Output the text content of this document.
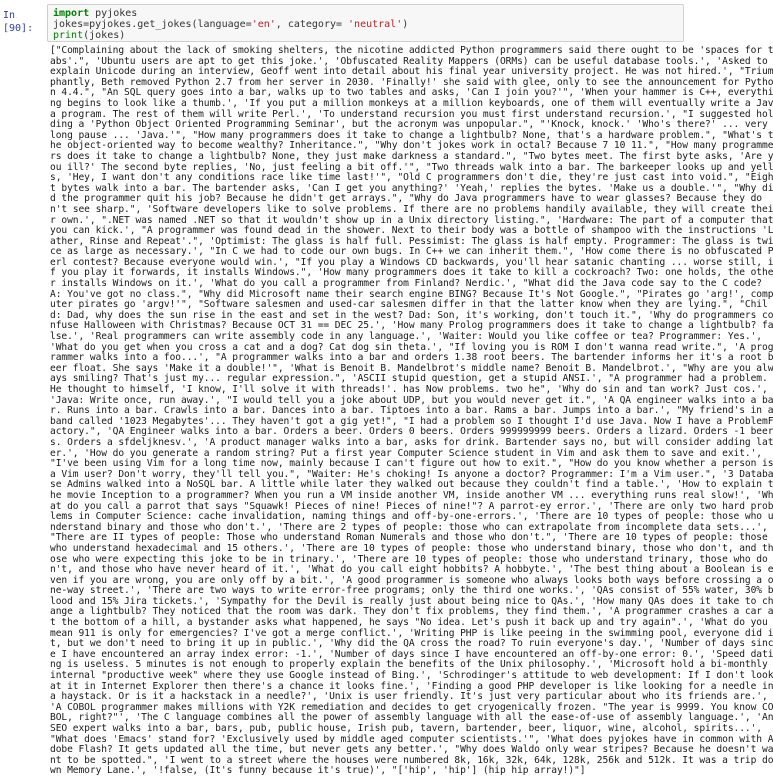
In [90]:
import pyjokes
jokes=pyjokes.get_jokes(language='en', category= 'neutral')
print(jokes)
["Complaining about the lack of smoking shelters, the nicotine addicted Python programmers said there ought to be 'spaces for t
abs'.", 'Ubuntu users are apt to get this joke.', 'Obfuscated Reality Mappers (ORMs) can be useful database tools.', 'Asked to
explain Unicode during an interview, Geoff went into detail about his final year university project. He was not hired.', "Trium
phantly, Beth removed Python 2.7 from her server in 2030. 'Finally!' she said with glee, only to see the announcement for Pytho
n 4.4.", "An SQL query goes into a bar, walks up to two tables and asks, 'Can I join you?'", 'When your hammer is C++, everythi
ng begins to look like a thumb.', 'If you put a million monkeys at a million keyboards, one of them will eventually write a Jav
a program. The rest of them will write Perl.', 'To understand recursion you must first understand recursion.', "I suggested hol
ding a 'Python Object Oriented Programming Seminar', but the acronym was unpopular.", "'Knock, knock.' 'Who's there?' ... very
long pause ... 'Java.'", "How many programmers does it take to change a lightbulb? None, that's a hardware problem.", "What's t
he object-oriented way to become wealthy? Inheritance.", "Why don't jokes work in octal? Because 7 10 11.", "How many programme
rs does it take to change a lightbulb? None, they just make darkness a standard.", "Two bytes meet. The first byte asks, 'Are y
ou ill?' The second byte replies, 'No, just feeling a bit off.'", "Two threads walk into a bar. The barkeeper looks up and yell
s, 'Hey, I want don't any conditions race like time last!'", "Old C programmers don't die, they're just cast into void.", "Eigh
t bytes walk into a bar. The bartender asks, 'Can I get you anything?' 'Yeah,' replies the bytes. 'Make us a double.'", "Why di
d the programmer quit his job? Because he didn't get arrays.", "Why do Java programmers have to wear glasses? Because they do
n't see sharp.", 'Software developers like to solve problems. If there are no problems handily available, they will create thei
r own.', ".NET was named .NET so that it wouldn't show up in a Unix directory listing.", 'Hardware: The part of a computer that
you can kick.', "A programmer was found dead in the shower. Next to their body was a bottle of shampoo with the instructions 'L
ather, Rinse and Repeat'.", 'Optimist: The glass is half full. Pessimist: The glass is half empty. Programmer: The glass is twi
ce as large as necessary.', "In C we had to code our own bugs. In C++ we can inherit them.", 'How come there is no obfuscated P
erl contest? Because everyone would win.', "If you play a Windows CD backwards, you'll hear satanic chanting ... worse still, i
f you play it forwards, it installs Windows.", 'How many programmers does it take to kill a cockroach? Two: one holds, the othe
r installs Windows on it.', 'What do you call a programmer from Finland? Nerdic.', "What did the Java code say to the C code?
A: You've got no class.", "Why did Microsoft name their search engine BING? Because It's Not Google.", "Pirates go 'arg!', comp
uter pirates go 'argv!'", "Software salesmen and used-car salesmen differ in that the latter know when they are lying.", "Chil
d: Dad, why does the sun rise in the east and set in the west? Dad: Son, it's working, don't touch it.", 'Why do programmers co
nfuse Halloween with Christmas? Because OCT 31 == DEC 25.', 'How many Prolog programmers does it take to change a lightbulb? fa
lse.', 'Real programmers can write assembly code in any language.', 'Waiter: Would you like coffee or tea? Programmer: Yes.',
'What do you get when you cross a cat and a dog? Cat dog sin theta.', "If loving you is ROM I don't wanna read write.", 'A prog
rammer walks into a foo...', "A programmer walks into a bar and orders 1.38 root beers. The bartender informs her it's a root b
eer float. She says 'Make it a double!'", 'What is Benoit B. Mandelbrot's middle name? Benoit B. Mandelbrot.', "Why are you alw
ays smiling? That's just my... regular expression.", 'ASCII stupid question, get a stupid ANSI.', "A programmer had a problem.
He thought to himself, 'I know, I'll solve it with threads!'. has Now problems. two he", 'Why do sin and tan work? Just cos.',
'Java: Write once, run away.', "I would tell you a joke about UDP, but you would never get it.", 'A QA engineer walks into a ba
r. Runs into a bar. Crawls into a bar. Dances into a bar. Tiptoes into a bar. Rams a bar. Jumps into a bar.', "My friend's in a
band called '1023 Megabytes'... They haven't got a gig yet!", "I had a problem so I thought I'd use Java. Now I have a ProblemF
actory.", 'QA Engineer walks into a bar. Orders a beer. Orders 0 beers. Orders 999999999 beers. Orders a lizard. Orders -1 beer
s. Orders a sfdeljknesv.', 'A product manager walks into a bar, asks for drink. Bartender says no, but will consider adding lat
er.', 'How do you generate a random string? Put a first year Computer Science student in Vim and ask them to save and exit.',
"I've been using Vim for a long time now, mainly because I can't figure out how to exit.", "How do you know whether a person is
a Vim user? Don't worry, they'll tell you.", "Waiter: He's choking! Is anyone a doctor? Programmer: I'm a Vim user.", '3 Databa
se Admins walked into a NoSQL bar. A little while later they walked out because they couldn't find a table.', 'How to explain t
he movie Inception to a programmer? When you run a VM inside another VM, inside another VM ... everything runs real slow!', 'Wh
at do you call a parrot that says "Squawk! Pieces of nine! Pieces of nine!"? A parrot-ey error.', 'There are only two hard prob
lems in Computer Science: cache invalidation, naming things and off-by-one-errors.', 'There are 10 types of people: those who u
nderstand binary and those who don't.', 'There are 2 types of people: those who can extrapolate from incomplete data sets...',
"There are II types of people: Those who understand Roman Numerals and those who don't.", 'There are 10 types of people: those
who understand hexadecimal and 15 others.', 'There are 10 types of people: those who understand binary, those who don't, and th
ose who were expecting this joke to be in trinary.', 'There are 10 types of people: those who understand trinary, those who do
n't, and those who have never heard of it.', 'What do you call eight hobbits? A hobbyte.', 'The best thing about a Boolean is e
ven if you are wrong, you are only off by a bit.', 'A good programmer is someone who always looks both ways before crossing a o
ne-way street.', 'There are two ways to write error-free programs; only the third one works.', 'QAs consist of 55% water, 30% b
lood and 15% Jira tickets.', 'Sympathy for the Devil is really just about being nice to QAs.', 'How many QAs does it take to ch
ange a lightbulb? They noticed that the room was dark. They don't fix problems, they find them.', 'A programmer crashes a car a
t the bottom of a hill, a bystander asks what happened, he says "No idea. Let's push it back up and try again".', 'What do you
mean 911 is only for emergencies? I've got a merge conflict.', 'Writing PHP is like peeing in the swimming pool, everyone did i
t, but we don't need to bring it up in public.', 'Why did the QA cross the road? To ruin everyone's day.', 'Number of days sinc
e I have encountered an array index error: -1.', 'Number of days since I have encountered an off-by-one error: 0.', 'Speed dati
ng is useless. 5 minutes is not enough to properly explain the benefits of the Unix philosophy.', 'Microsoft hold a bi-monthly
internal "productive week" where they use Google instead of Bing.', 'Schrodinger's attitude to web development: If I don't look
at it in Internet Explorer then there's a chance it looks fine.', 'Finding a good PHP developer is like looking for a needle in
a haystack. Or is it a hackstack in a needle?', 'Unix is user friendly. It's just very particular about who its friends are.',
'A COBOL programmer makes millions with Y2K remediation and decides to get cryogenically frozen. "The year is 9999. You know CO
BOL, right?"', 'The C language combines all the power of assembly language with all the ease-of-use of assembly language.', 'An
SEO expert walks into a bar, bars, pub, public house, Irish pub, tavern, bartender, beer, liquor, wine, alcohol, spirits...',
"What does 'Emacs' stand for? 'Exclusively used by middle aged computer scientists.'", 'What does pyjokes have in common with A
dobe Flash? It gets updated all the time, but never gets any better.', "Why does Waldo only wear stripes? Because he doesn't wa
nt to be spotted.", 'I went to a street where the houses were numbered 8k, 16k, 32k, 64k, 128k, 256k and 512k. It was a trip do
wn Memory Lane.', '!false, (It's funny because it's true)', "['hip', 'hip'] (hip hip array!)"]
